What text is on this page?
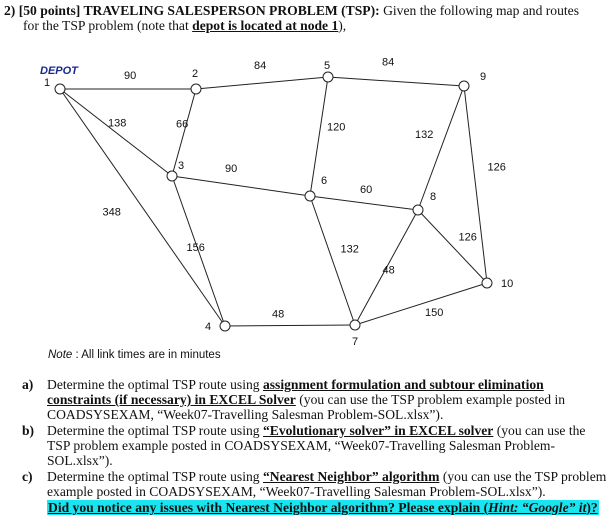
2) [50 points] TRAVELING SALESPERSON PROBLEM (TSP): Given the following map and routes
for the TSP problem (note that depot is located at node 1),
90
138
348
66
84
156
90
120
84
60
132
132
126
126
48
48	150
1
2
3
4
5
6
7
8
9
10
DEPOT
Note : All link times are in minutes
a) Determine the optimal TSP route using assignment formulation and subtour elimination
constraints (if necessary) in EXCEL Solver (you can use the TSP problem example posted in
COADSYSEXAM, “Week07-Travelling Salesman Problem-SOL.xlsx”).
b) Determine the optimal TSP route using “Evolutionary solver” in EXCEL solver (you can use the
TSP problem example posted in COADSYSEXAM, “Week07-Travelling Salesman Problem-
SOL.xlsx”).
c) Determine the optimal TSP route using “Nearest Neighbor” algorithm (you can use the TSP problem
example posted in COADSYSEXAM, “Week07-Travelling Salesman Problem-SOL.xlsx”).
Did you notice any issues with Nearest Neighbor algorithm? Please explain (Hint: “Google” it)?
